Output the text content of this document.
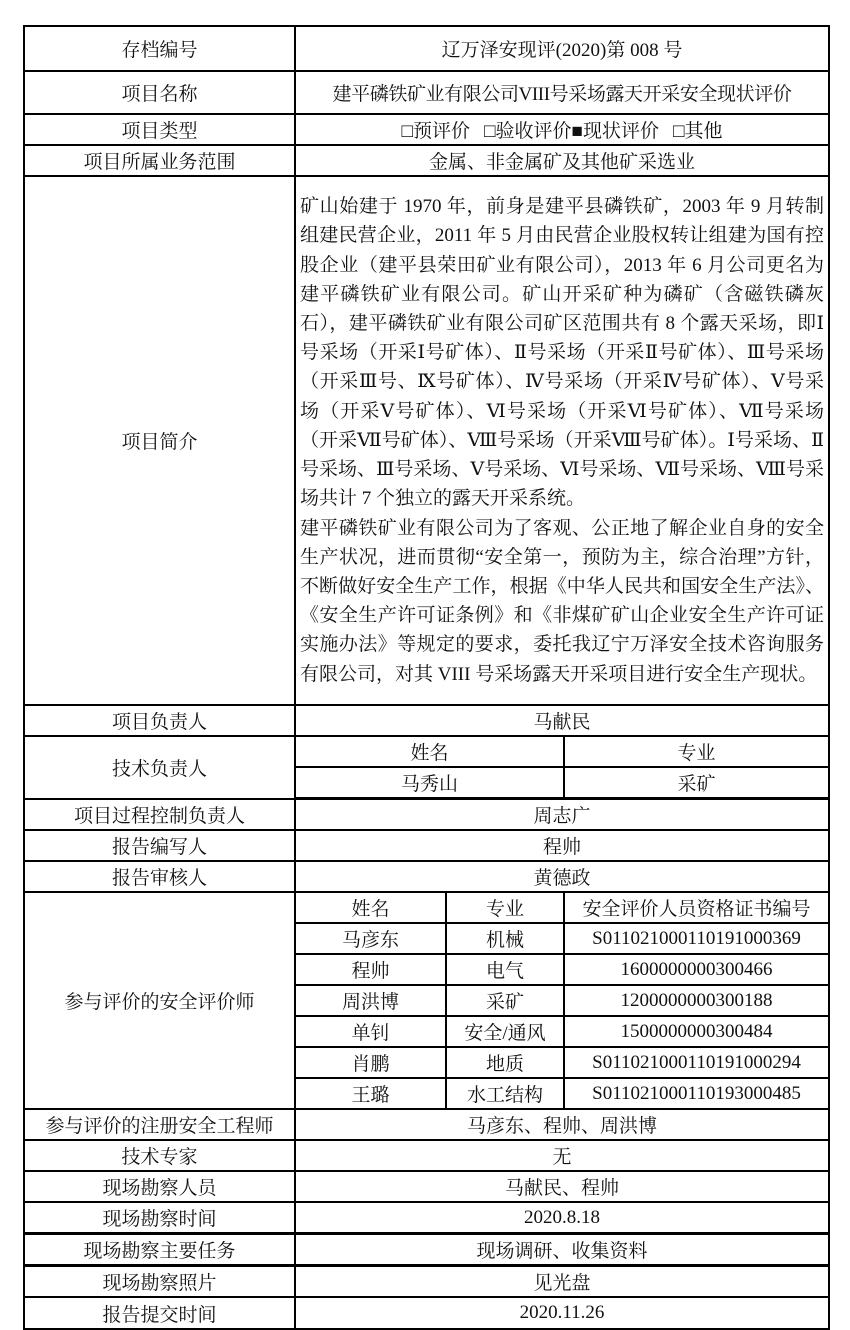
存档编号	辽万泽安现评(2020)第 008 号		
项目名称	建平磷铁矿业有限公司VIII号采场露天开采安全现状评价		
项目类型	□预评价 □验收评价■现状评价 □其他		
项目所属业务范围	金属、非金属矿及其他矿采选业		
项目简介	矿山始建于 1970 年，前身是建平县磷铁矿，2003 年 9 月转制组建民营企业，2011 年 5 月由民营企业股权转让组建为国有控股企业（建平县荣田矿业有限公司），2013 年 6 月公司更名为建平磷铁矿业有限公司。矿山开采矿种为磷矿（含磁铁磷灰石），建平磷铁矿业有限公司矿区范围共有 8 个露天采场，即Ⅰ号采场（开采Ⅰ号矿体）、Ⅱ号采场（开采Ⅱ号矿体）、Ⅲ号采场（开采Ⅲ号、Ⅸ号矿体）、Ⅳ号采场（开采Ⅳ号矿体）、Ⅴ号采场（开采Ⅴ号矿体）、Ⅵ号采场（开采Ⅵ号矿体）、Ⅶ号采场（开采Ⅶ号矿体）、Ⅷ号采场（开采Ⅷ号矿体）。Ⅰ号采场、Ⅱ号采场、Ⅲ号采场、Ⅴ号采场、Ⅵ号采场、Ⅶ号采场、Ⅷ号采场共计 7 个独立的露天开采系统。

建平磷铁矿业有限公司为了客观、公正地了解企业自身的安全生产状况，进而贯彻“安全第一，预防为主，综合治理”方针，不断做好安全生产工作，根据《中华人民共和国安全生产法》、《安全生产许可证条例》和《非煤矿矿山企业安全生产许可证实施办法》等规定的要求，委托我辽宁万泽安全技术咨询服务有限公司，对其 VIII 号采场露天开采项目进行安全生产现状。		

项目负责人	马献民		
技术负责人	姓名		专业
	马秀山		采矿
项目过程控制负责人	周志广		
报告编写人	程帅		
报告审核人	黄德政		
参与评价的安全评价师	姓名	专业	安全评价人员资格证书编号
	马彦东	机械	S011021000110191000369
	程帅	电气	1600000000300466
	周洪博	采矿	1200000000300188
	单钊	安全/通风	1500000000300484
	肖鹏	地质	S011021000110191000294
	王璐	水工结构	S011021000110193000485
参与评价的注册安全工程师	马彦东、程帅、周洪博		
技术专家	无		
现场勘察人员	马献民、程帅		
现场勘察时间	2020.8.18		
现场勘察主要任务	现场调研、收集资料		
现场勘察照片	见光盘		
报告提交时间	2020.11.26		
